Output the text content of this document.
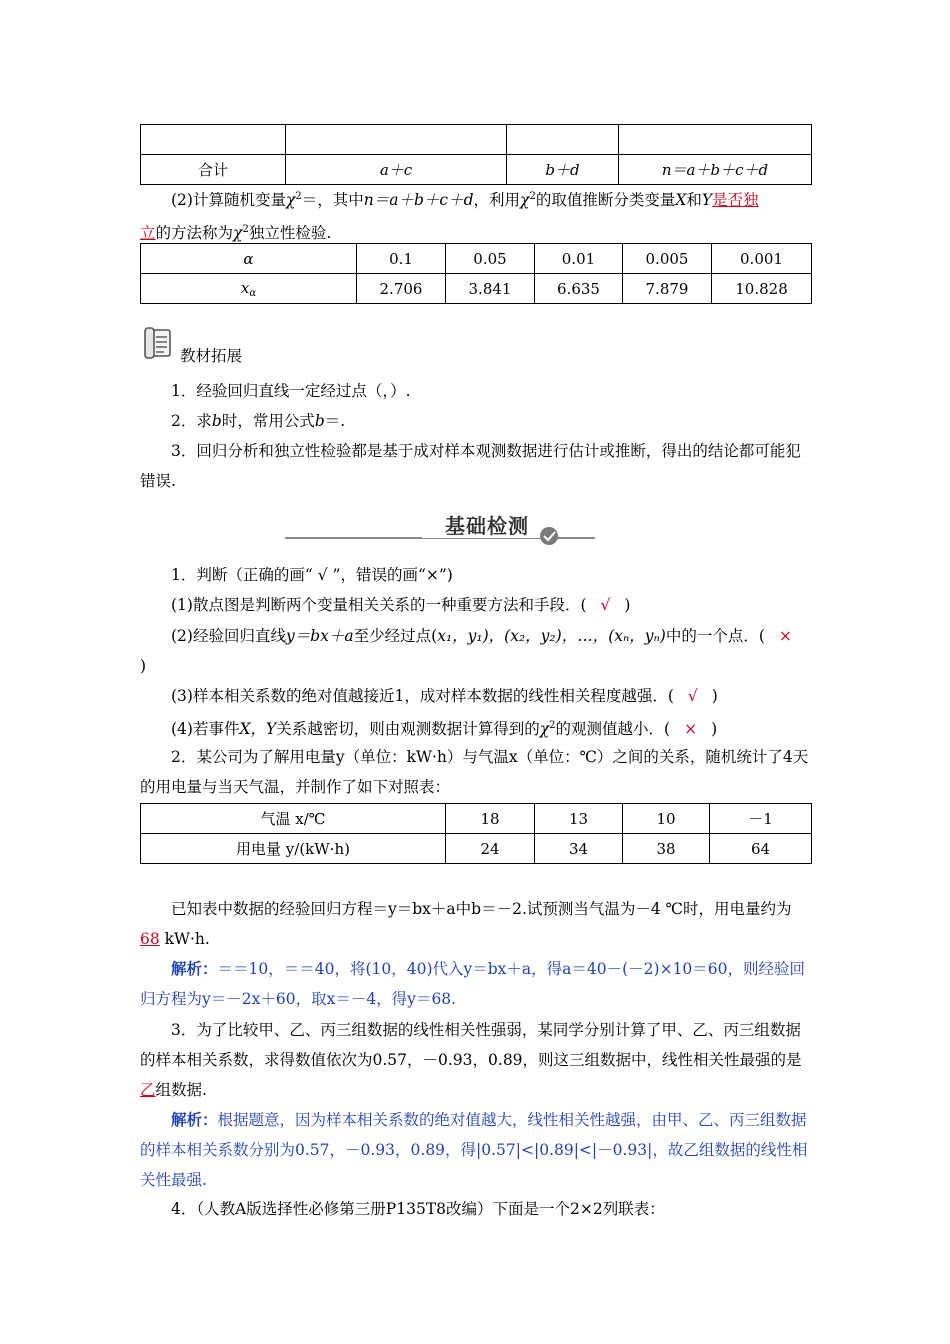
合计	a＋c	b＋d	n＝a＋b＋c＋d
(2)计算随机变量$\chi^2=$，其中n＝a＋b＋c＋d，利用$\chi^2$的取值推断分类变量X和Y是否独
立的方法称为$\chi^2$独立性检验.
α	0.1	0.05	0.01	0.005	0.001
$x_\alpha$	2.706	3.841	6.635	7.879	10.828
教材拓展
1．经验回归直线一定经过点（，）.
2．求b时，常用公式b＝.
3．回归分析和独立性检验都是基于成对样本观测数据进行估计或推断，得出的结论都可能犯错误.
基础检测
1．判断（正确的画“ √ ”，错误的画“×”)
(1)散点图是判断两个变量相关关系的一种重要方法和手段．( √ )
(2)经验回归直线y＝bx＋a至少经过点(x₁，y₁)，(x₂，y₂)，…，(xₙ，yₙ)中的一个点．( ×
)
(3)样本相关系数的绝对值越接近1，成对样本数据的线性相关程度越强．( √ )
(4)若事件X，Y关系越密切，则由观测数据计算得到的$\chi^2$的观测值越小．( × )
2．某公司为了解用电量y（单位：kW·h）与气温x（单位：℃）之间的关系，随机统计了4天的用电量与当天气温，并制作了如下对照表：
气温 x/℃	18	13	10	－1
用电量 y/(kW·h)	24	34	38	64
已知表中数据的经验回归方程＝y＝bx＋a中b＝－2.试预测当气温为－4 ℃时，用电量约为68 kW·h.
解析：＝＝10，＝＝40，将(10，40)代入y＝bx＋a，得a＝40－(－2)×10＝60，则经验回归方程为y＝－2x＋60，取x＝－4，得y＝68.
3．为了比较甲、乙、丙三组数据的线性相关性强弱，某同学分别计算了甲、乙、丙三组数据的样本相关系数，求得数值依次为0.57，－0.93，0.89，则这三组数据中，线性相关性最强的是乙组数据.
解析：根据题意，因为样本相关系数的绝对值越大，线性相关性越强，由甲、乙、丙三组数据的样本相关系数分别为0.57，－0.93，0.89，得|0.57|<|0.89|<|－0.93|，故乙组数据的线性相关性最强.
4．（人教A版选择性必修第三册P135T8改编）下面是一个2×2列联表：
